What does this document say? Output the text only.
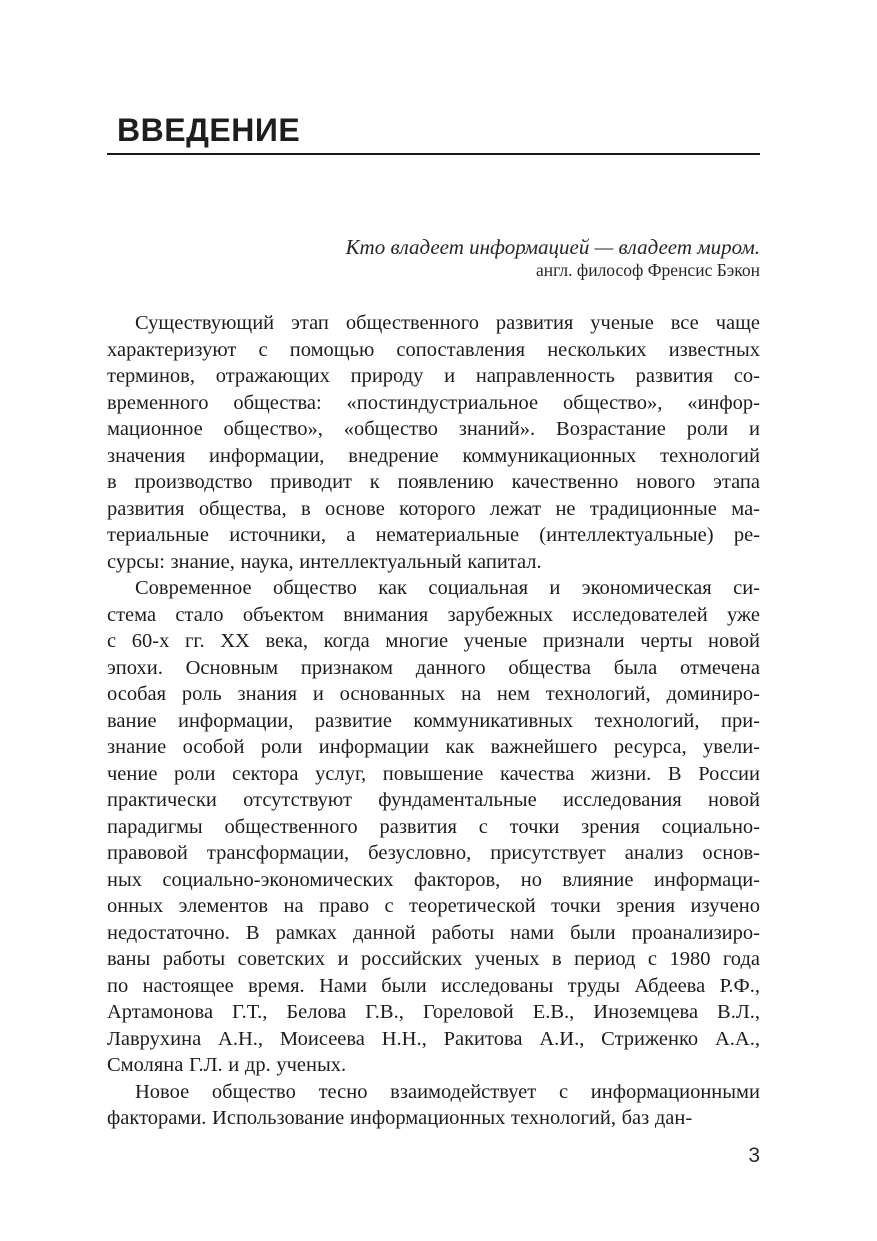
ВВЕДЕНИЕ
Кто владеет информацией — владеет миром.
англ. философ Френсис Бэкон
Существующий этап общественного развития ученые все чаще
характеризуют с помощью сопоставления нескольких известных
терминов, отражающих природу и направленность развития со-
временного общества: «постиндустриальное общество», «инфор-
мационное общество», «общество знаний». Возрастание роли и
значения информации, внедрение коммуникационных технологий
в производство приводит к появлению качественно нового этапа
развития общества, в основе которого лежат не традиционные ма-
териальные источники, а нематериальные (интеллектуальные) ре-
сурсы: знание, наука, интеллектуальный капитал.
Современное общество как социальная и экономическая си-
стема стало объектом внимания зарубежных исследователей уже
с 60-х гг. XX века, когда многие ученые признали черты новой
эпохи. Основным признаком данного общества была отмечена
особая роль знания и основанных на нем технологий, доминиро-
вание информации, развитие коммуникативных технологий, при-
знание особой роли информации как важнейшего ресурса, увели-
чение роли сектора услуг, повышение качества жизни. В России
практически отсутствуют фундаментальные исследования новой
парадигмы общественного развития с точки зрения социально-
правовой трансформации, безусловно, присутствует анализ основ-
ных социально-экономических факторов, но влияние информаци-
онных элементов на право с теоретической точки зрения изучено
недостаточно. В рамках данной работы нами были проанализиро-
ваны работы советских и российских ученых в период с 1980 года
по настоящее время. Нами были исследованы труды Абдеева Р.Ф.,
Артамонова Г.Т., Белова Г.В., Гореловой Е.В., Иноземцева В.Л.,
Лаврухина А.Н., Моисеева Н.Н., Ракитова А.И., Стриженко А.А.,
Смоляна Г.Л. и др. ученых.
Новое общество тесно взаимодействует с информационными
факторами. Использование информационных технологий, баз дан-
3
